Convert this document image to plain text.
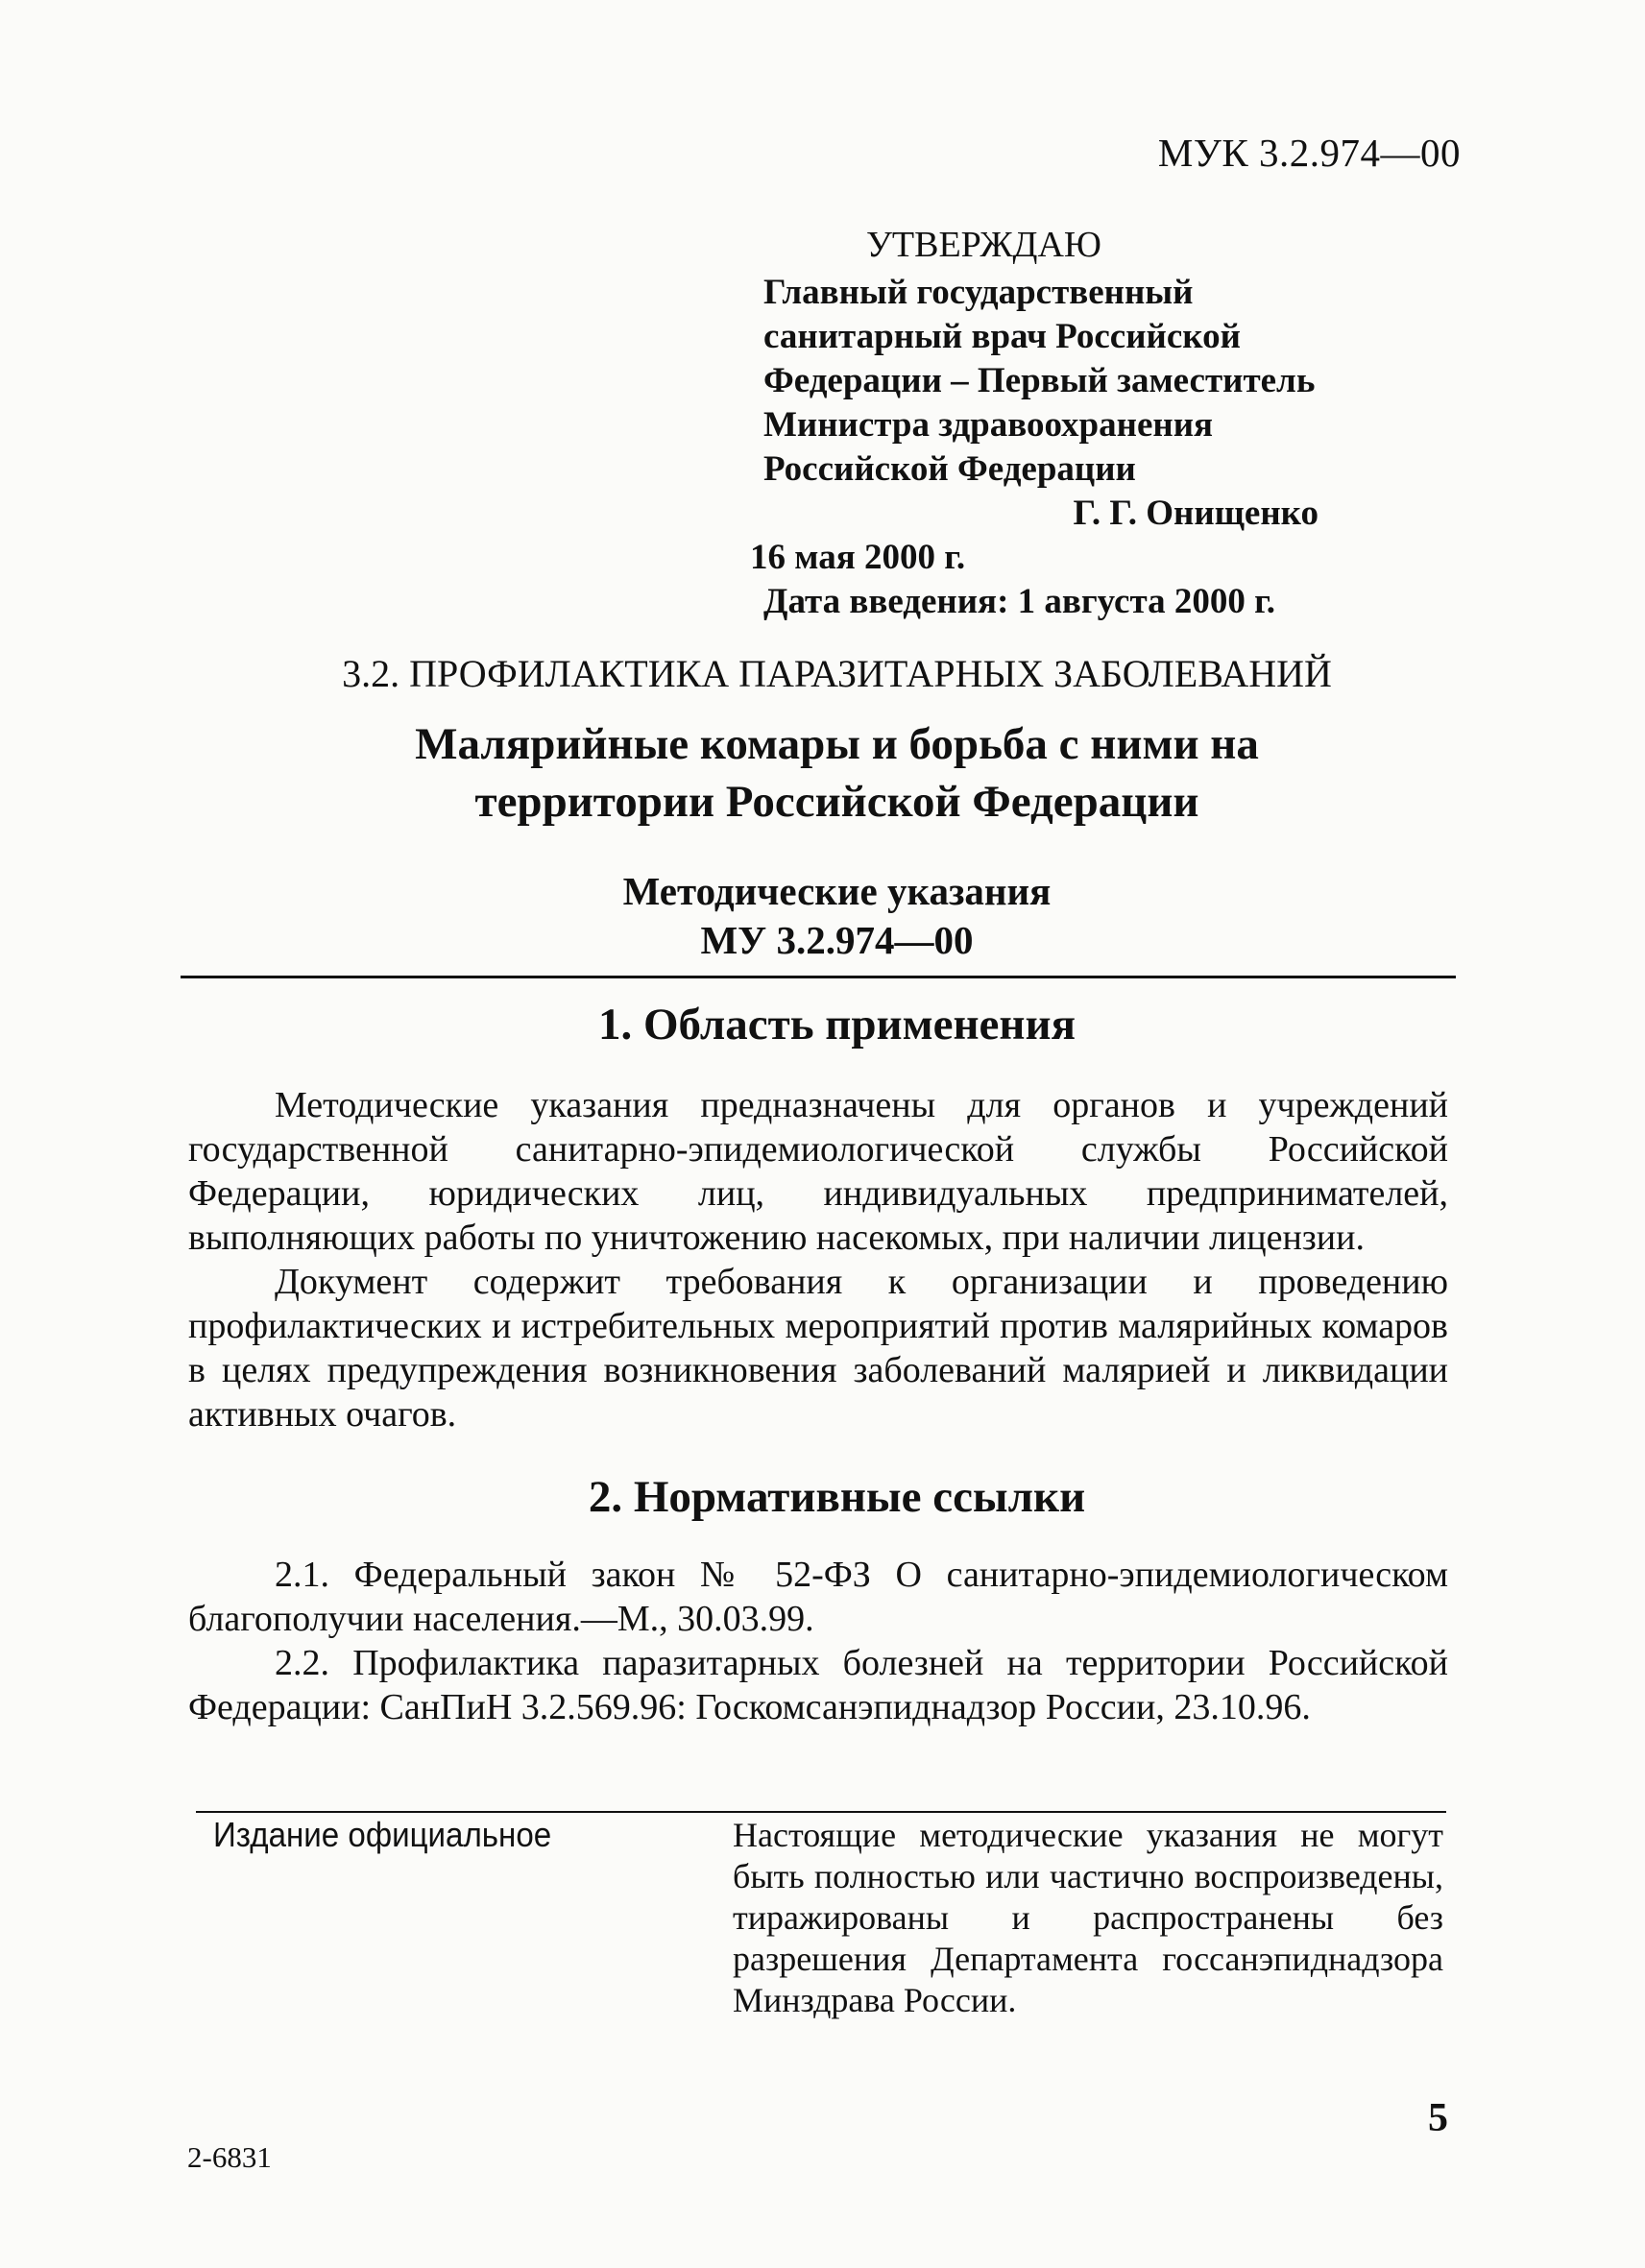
МУК 3.2.974—00
УТВЕРЖДАЮ
Главный государственный
санитарный врач Российской
Федерации – Первый заместитель
Министра здравоохранения
Российской Федерации
Г. Г. Онищенко
16 мая 2000 г.
Дата введения: 1 августа 2000 г.
3.2. ПРОФИЛАКТИКА ПАРАЗИТАРНЫХ ЗАБОЛЕВАНИЙ
Малярийные комары и борьба с ними на
территории Российской Федерации
Методические указания
МУ 3.2.974—00
1. Область применения

Методические указания предназначены для органов и учреждений государственной санитарно-эпидемиологической службы Российской Федерации, юридических лиц, индивидуальных предпринимателей, выполняющих работы по уничтожению насекомых, при наличии лицензии.

Документ содержит требования к организации и проведению профилактических и истребительных мероприятий против малярийных комаров в целях предупреждения возникновения заболеваний малярией и ликвидации активных очагов.

2. Нормативные ссылки

2.1. Федеральный закон № 52-ФЗ О санитарно-эпидемиологическом благополучии населения.—М., 30.03.99.

2.2. Профилактика паразитарных болезней на территории Российской Федерации: СанПиН 3.2.569.96: Госкомсанэпиднадзор России, 23.10.96.

Издание официальное	Настоящие методические указания не могут быть полностью или частично воспроизведены, тиражированы и распространены без разрешения Департамента госсанэпиднадзора Минздрава России.
5
2-6831
